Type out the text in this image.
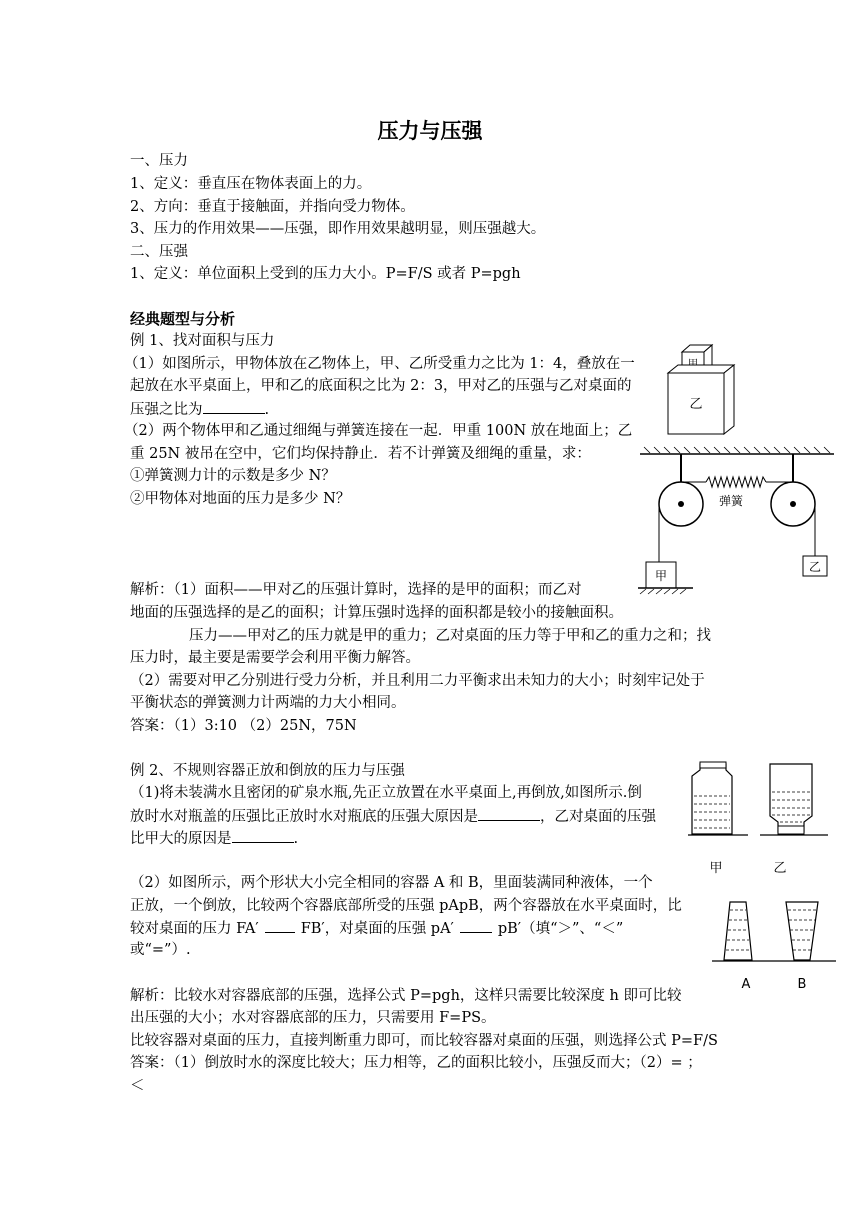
压力与压强
一、压力
1、定义：垂直压在物体表面上的力。
2、方向：垂直于接触面，并指向受力物体。
3、压力的作用效果——压强，即作用效果越明显，则压强越大。
二、压强
1、定义：单位面积上受到的压力大小。P=F/S 或者 P=pgh
经典题型与分析
例 1、找对面积与压力
（1）如图所示，甲物体放在乙物体上，甲、乙所受重力之比为 1：4，叠放在一
起放在水平桌面上，甲和乙的底面积之比为 2：3，甲对乙的压强与乙对桌面的
压强之比为	.
（2）两个物体甲和乙通过细绳与弹簧连接在一起．甲重 100N 放在地面上；乙
重 25N 被吊在空中，它们均保持静止．若不计弹簧及细绳的重量，求：
①弹簧测力计的示数是多少 N？
②甲物体对地面的压力是多少 N？
乙
弹簧
甲
乙
解析：（1）面积——甲对乙的压强计算时，选择的是甲的面积；而乙对
地面的压强选择的是乙的面积；计算压强时选择的面积都是较小的接触面积。
压力——甲对乙的压力就是甲的重力；乙对桌面的压力等于甲和乙的重力之和；找
压力时，最主要是需要学会利用平衡力解答。
（2）需要对甲乙分别进行受力分析，并且利用二力平衡求出未知力的大小；时刻牢记处于
平衡状态的弹簧测力计两端的力大小相同。
答案：（1）3:10 （2）25N，75N
例 2、不规则容器正放和倒放的压力与压强
（1)将未装满水且密闭的矿泉水瓶,先正立放置在水平桌面上,再倒放,如图所示.倒
放时水对瓶盖的压强比正放时水对瓶底的压强大原因是	，乙对桌面的压强
比甲大的原因是	.
甲	乙
（2）如图所示，两个形状大小完全相同的容器 A 和 B，里面装满同种液体，一个
正放，一个倒放，比较两个容器底部所受的压强 pApB，两个容器放在水平桌面时，比
较对桌面的压力 FA′	FB′，对桌面的压强 pA′	pB′（填“＞”、“＜”
或“=”）.
A	B
解析：比较水对容器底部的压强，选择公式 P=pgh，这样只需要比较深度 h 即可比较
出压强的大小；水对容器底部的压力，只需要用 F=PS。
比较容器对桌面的压力，直接判断重力即可，而比较容器对桌面的压强，则选择公式 P=F/S
答案：（1）倒放时水的深度比较大；压力相等，乙的面积比较小，压强反而大；（2）= ；
＜
